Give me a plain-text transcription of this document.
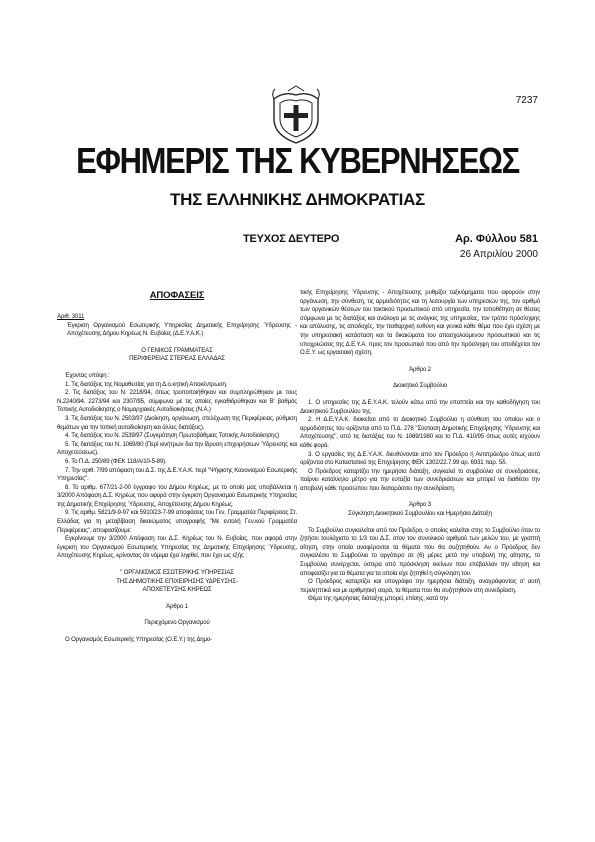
7237
ΕΦΗΜΕΡΙΣ ΤΗΣ ΚΥΒΕΡΝΗΣΕΩΣ
ΤΗΣ ΕΛΛΗΝΙΚΗΣ ΔΗΜΟΚΡΑΤΙΑΣ
ΤΕΥΧΟΣ ΔΕΥΤΕΡΟ	Αρ. Φύλλου 581
26 Απριλίου 2000

ΑΠΟΦΑΣΕΙΣ

Αριθ. 3011

Έγκριση Οργανισμού Εσωτερικής Υπηρεσίας Δημοτικής Επιχείρησης Ύδρευσης - Αποχέτευσης Δήμου Κηρέως Ν. Ευβοίας (Δ.Ε.Υ.Α.Κ.)

Ο ΓΕΝΙΚΟΣ ΓΡΑΜΜΑΤΕΑΣ

ΠΕΡΙΦΕΡΕΙΑΣ ΣΤΕΡΕΑΣ ΕΛΛΑΔΑΣ

Έχοντας υπόψη :

1. Τις διατάξεις της Νομοθεσίας για τη Δ.ο.κητική Αποκέντρωση.

2. Τις διατάξεις του Ν. 2218/94, όπως τροποποιήθηκαν και συμπληρώθηκαν με τους Ν.2240/94, 2273/94 και 2307/95, σύμφωνα με τις οποίες εγκαθιδρύθηκαν και Β' βαθμός Τοπικής Αυτοδιοίκησης ο Νομαρχιακές Αυτοδιοικήσεις (Ν.Α.)

3. Τις διατάξεις του Ν. 2503/97 (Διοίκηση, οργάνωση, στελέχωση της Περιφέρειας, ρύθμιση θεμάτων για την τοπική αυτοδιοίκηση και άλλες διατάξεις).

4. Τις διατάξεις του Ν. 2539/97 (Συγκρότηση Πρωτοβάθμιας Τοπικής Αυτοδιοίκησης)

5. Τις διατάξεις του Ν. 1069/80 (Περί κινήτρων δια την ίδρυση επιχειρήσεων Ύδρευσης και Αποχετεύσεως).

6. Το Π.Δ. 250/89 (ΦΕΚ 118/Α/10-5-89).

7. Την αριθ. 7/99 απόφαση του Δ.Σ. της Δ.Ε.Υ.Α.Κ. περί "Ψήφισης Κανονισμού Εσωτερικής Υπηρεσίας".

8. Το αριθμ. 677/21-2-00 έγγραφο του Δήμου Κηρέως, με το οποίο μας υποβάλλεται η 3/2000 Απόφαση Δ.Σ. Κηρέως που αφορά στην έγκριση Οργανισμού Εσωτερικής Υπηρεσίας της Δημοτικής Επιχείρησης Ύδρευσης, Αποχέτευσης Δήμου Κηρέως.

9. Τις αριθμ. 5821/9-9-97 και 5910/23-7-99 αποφάσεις του Γεν. Γραμματέα Περιφέρειας Στ. Ελλάδας για τη μεταβίβαση δικαιώματος υπογραφής "Με εντολή Γεν.κού Γραμματέα Περιφέρειας", αποφασίζουμε:

Εγκρίνουμε την 3/2000 Απόφαση του Δ.Σ. Κηρέως του Ν. Ευβοίας, που αφορά στην έγκριση του Οργανισμού Εσωτερικής Υπηρεσίας της Δημοτικής Επιχείρησης Ύδρευσης, Αποχέτευσης Κηρέως, κρίνοντας ότι νόμιμα έχει ληφθεί, που έχει ως εξής :

" ΟΡΓΑΝΙΣΜΟΣ ΕΣΩΤΕΡΙΚΗΣ ΥΠΗΡΕΣΙΑΣ

ΤΗΣ ΔΗΜΟΤΙΚΗΣ ΕΠΙΧΕΙΡΗΣΗΣ ΥΔΡΕΥΣΗΣ-

ΑΠΟΧΕΤΕΥΣΗΣ ΚΗΡΕΩΣ

Άρθρο 1

Περιεχόμενο Οργανισμού

Ο Οργανισμός Εσωτερικής Υπηρεσίας (Ο.Ε.Υ.) της Δημο-

τικής Επιχείρησης Ύδρευσης - Αποχέτευσης ρυθμίζει ταξινόμηματα που αφορούν στην οργάνωση, την σύνθεση, τις αρμοδιότητες και τη λειτουργία των υπηρεσιών της, τον αριθμό των οργανικών θέσεων του τακτικού προσωπικού από υπηρεσία, την τοποθέτηση σε θέσεις σύμφωνα με τις διατάξεις και ανάλογα με τις ανάγκες της υπηρεσίας, τον τρόπο πρόσληψης και απόλυσης, τις αποδοχές, την πειθαρχική ευθύνη και γενικά κάθε θέμα που έχει σχέση με την υπηρεσιακή κατάσταση και τα δικαιώματα του απασχολούμενου προσωπικού και τις υποχρεώσεις της Δ.Ε.Υ.Α. προς τον προσωπικό που από την πρόσληψη του αποδέχεται τον Ο.Ε.Υ. ως εργασιακή σχέση.

Άρθρο 2

Διοικητικό Συμβούλιο

1. Ο υπηρεσίες της Δ.Ε.Υ.Α.Κ. τελούν κάτω από την εποπτεία και την καθοδήγηση του Διοικητικού Συμβουλίου της.

2. Η Δ.Ε.Υ.Α.Κ. διοικείται από το Διοικητικό Συμβούλιο η σύνθεση του οποίου και ο αρμοδιότητες του ορίζονται από το Π.Δ. 278 "Σύσταση Δημοτικής Επιχείρησης Ύδρευσης και Αποχέτευσης", από τις διατάξεις του Ν. 1069/1980 και το Π.Δ. 410/95 όπως αυτές ισχύουν κάθε φορά.

3. Ο εργασίες της Δ.Ε.Υ.Α.Κ. διευθύνονται από τον Πρόεδρο ή Αντιπρόεδρο όπως αυτό ορίζονται στο Καταστατικό της Επιχείρησης ΦΕΚ 1302/22.7.99 αρ. 6931 παρ. 5δ.

Ο Πρόεδρος καταρτίζει την ημερήσια διάταξη, συγκαλεί το συμβούλιο σε συνεδριάσεις, παίρνει κατάλληλο μέτρο για την ευταξία των συνεδριάσεων και μπορεί να διαθέσει την αποβολή κάθε προσώπου που διαταράσσει την συνεδρίαση.

Άρθρο 3

Σύγκληση Διοικητικού Συμβουλίου και Ημερήσια Διάταξη

Το Συμβούλιο συγκαλείται από τον Πρόεδρο, ο οποίος καλείται στης το Συμβούλιο όταν το ζητήσει τουλάχιστο το 1/3 του Δ.Σ. στον τον συνολικού αριθμού των μελών του, με γραπτή αίτηση, στην οποία αναφέρονται τα θέματα που θα συζητηθούν. Αν ο Πρόεδρος δεν συγκαλέσει το Συμβούλιο το αργότερο σε (6) μέρες μετά την υποβολή της αίτησης, το Συμβούλιο συνέρχεται, ύστερα από πρόσκληση εκείνων που επέβαλλαν την αίτηση και αποφασίζει για τα θέματα για τα οποία είχε ζητηθεί η σύγκληση του.

Ο Πρόεδρος καταρτίζει και υπογράφει την ημερήσια διάταξη, αναγράφοντας σ' αυτή περιληπτικά και με αριθμητική σειρά, τα θέματα που θα συζητηθούν στη συνεδρίαση.

Θέμα της ημερήσιας διάταξης μπορεί, επίσης, κατά την
